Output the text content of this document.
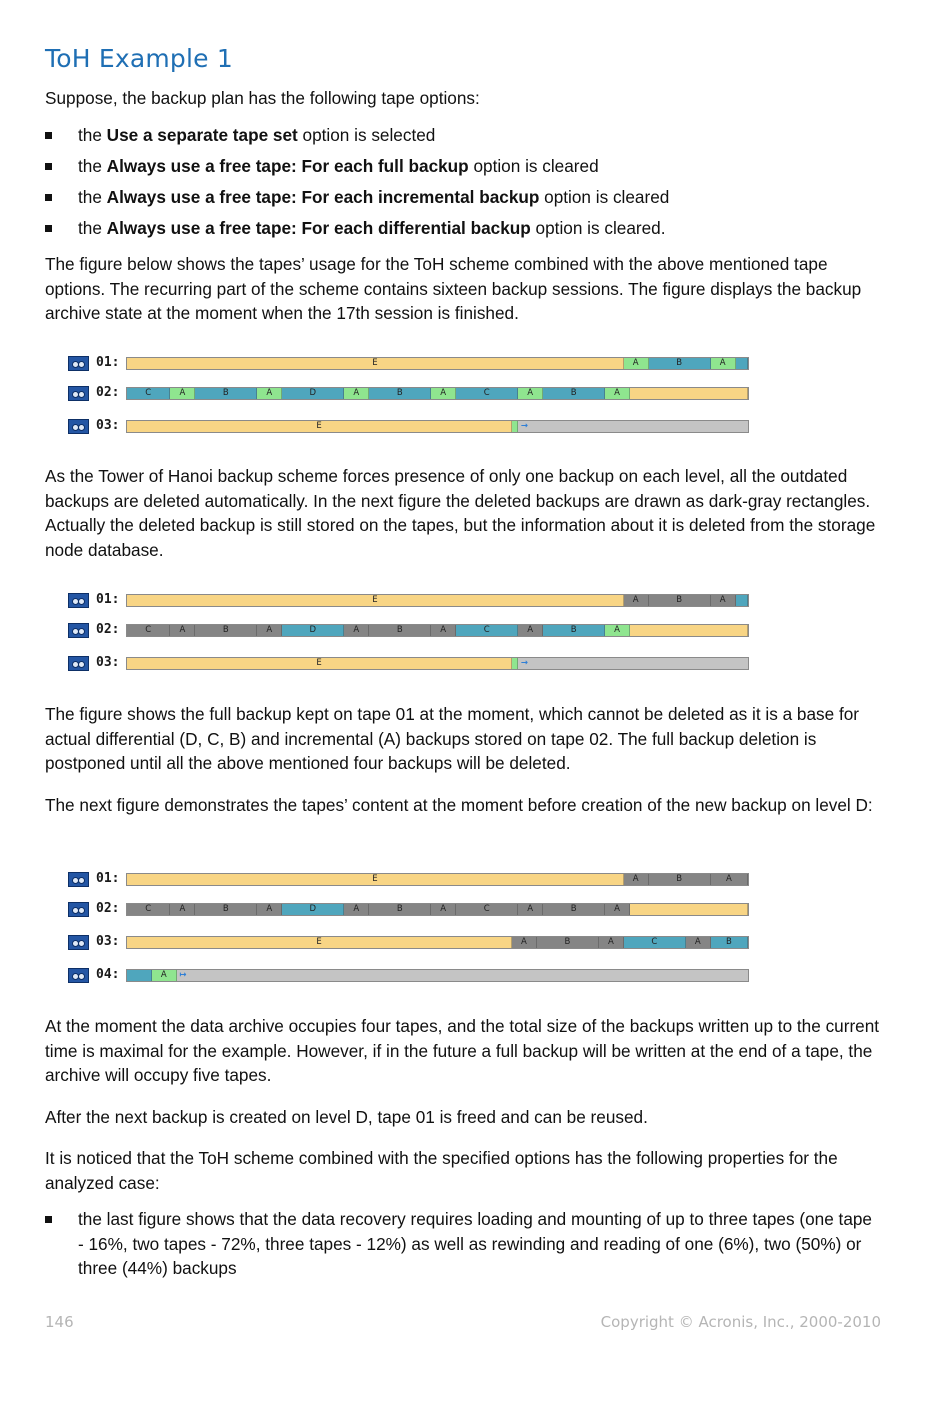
ToH Example 1

Suppose, the backup plan has the following tape options:

the Use a separate tape set option is selected
the Always use a free tape: For each full backup option is cleared
the Always use a free tape: For each incremental backup option is cleared
the Always use a free tape: For each differential backup option is cleared.

The figure below shows the tapes’ usage for the ToH scheme combined with the above mentioned tape options. The recurring part of the scheme contains sixteen backup sessions. The figure displays the backup archive state at the moment when the 17th session is finished.

01:	E	A	B	A
02:	C	A	B	A	D	A	B	A	C	A	B	A
03:	E	→

As the Tower of Hanoi backup scheme forces presence of only one backup on each level, all the outdated backups are deleted automatically. In the next figure the deleted backups are drawn as dark-gray rectangles. Actually the deleted backup is still stored on the tapes, but the information about it is deleted from the storage node database.

01:	E	A	B	A
02:	C	A	B	A	D	A	B	A	C	A	B	A
03:	E	→

The figure shows the full backup kept on tape 01 at the moment, which cannot be deleted as it is a base for actual differential (D, C, B) and incremental (A) backups stored on tape 02. The full backup deletion is postponed until all the above mentioned four backups will be deleted.

The next figure demonstrates the tapes’ content at the moment before creation of the new backup on level D:

01:	E	A	B	A
02:	C	A	B	A	D	A	B	A	C	A	B	A
03:	E	A	B	A	C	A	B
04:	A	↦

At the moment the data archive occupies four tapes, and the total size of the backups written up to the current time is maximal for the example. However, if in the future a full backup will be written at the end of a tape, the archive will occupy five tapes.

After the next backup is created on level D, tape 01 is freed and can be reused.

It is noticed that the ToH scheme combined with the specified options has the following properties for the analyzed case:

the last figure shows that the data recovery requires loading and mounting of up to three tapes (one tape - 16%, two tapes - 72%, three tapes - 12%) as well as rewinding and reading of one (6%), two (50%) or three (44%) backups
146	Copyright © Acronis, Inc., 2000-2010
